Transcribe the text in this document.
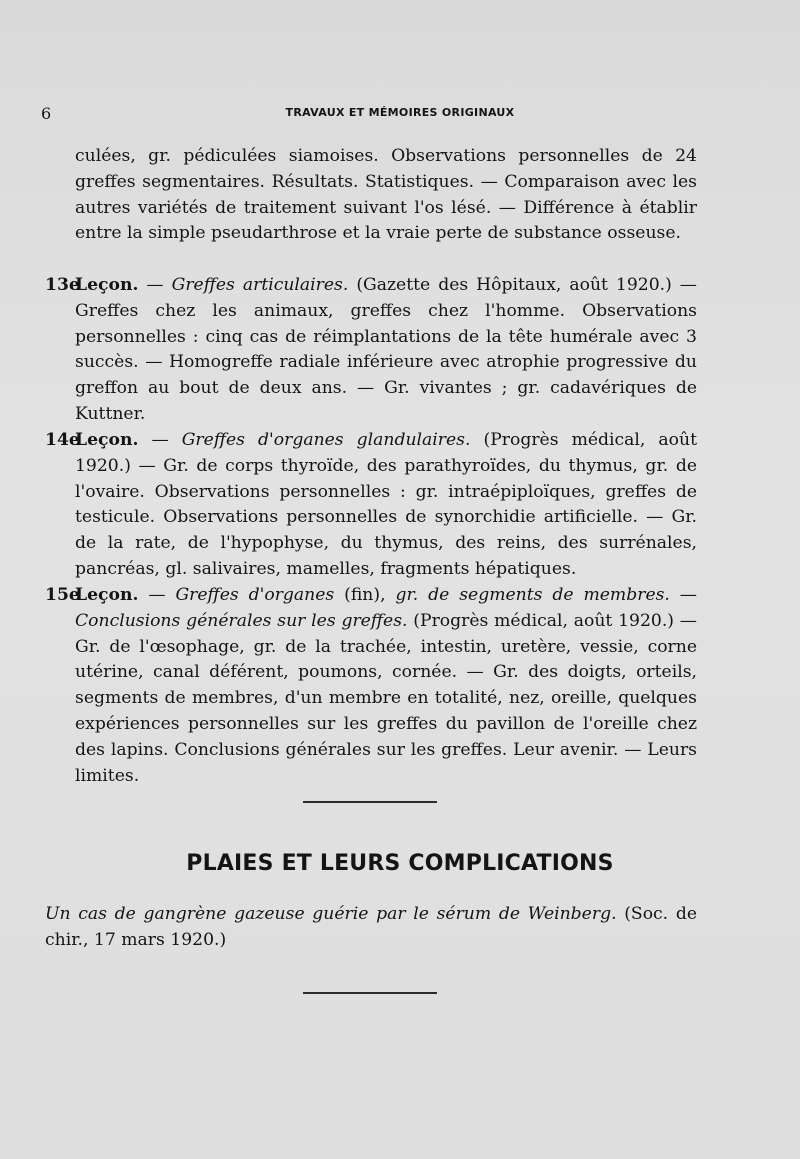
6	TRAVAUX ET MÉMOIRES ORIGINAUX

culées, gr. pédiculées siamoises. Observations personnelles de 24 greffes segmentaires. Résultats. Statistiques. — Comparaison avec les autres variétés de traitement suivant l'os lésé. — Différence à établir entre la simple pseudarthrose et la vraie perte de substance osseuse.

13e
Leçon. — Greffes articulaires. (Gazette des Hôpitaux, août 1920.) — Greffes chez les animaux, greffes chez l'homme. Observations personnelles : cinq cas de réimplantations de la tête humérale avec 3 succès. — Homogreffe radiale inférieure avec atrophie progressive du greffon au bout de deux ans. — Gr. vivantes ; gr. cadavériques de Kuttner.

14e
Leçon. — Greffes d'organes glandulaires. (Progrès médical, août 1920.) — Gr. de corps thyroïde, des parathyroïdes, du thymus, gr. de l'ovaire. Observations personnelles : gr. intraépiploïques, greffes de testicule. Observations personnelles de synorchidie artificielle. — Gr. de la rate, de l'hypophyse, du thymus, des reins, des surrénales, pancréas, gl. salivaires, mamelles, fragments hépatiques.

15e
Leçon. — Greffes d'organes (fin), gr. de segments de membres. — Conclusions générales sur les greffes. (Progrès médical, août 1920.) — Gr. de l'œsophage, gr. de la trachée, intestin, uretère, vessie, corne utérine, canal déférent, poumons, cornée. — Gr. des doigts, orteils, segments de membres, d'un membre en totalité, nez, oreille, quelques expériences personnelles sur les greffes du pavillon de l'oreille chez des lapins. Conclusions générales sur les greffes. Leur avenir. — Leurs limites.

PLAIES ET LEURS COMPLICATIONS

Un cas de gangrène gazeuse guérie par le sérum de Weinberg. (Soc. de chir., 17 mars 1920.)
